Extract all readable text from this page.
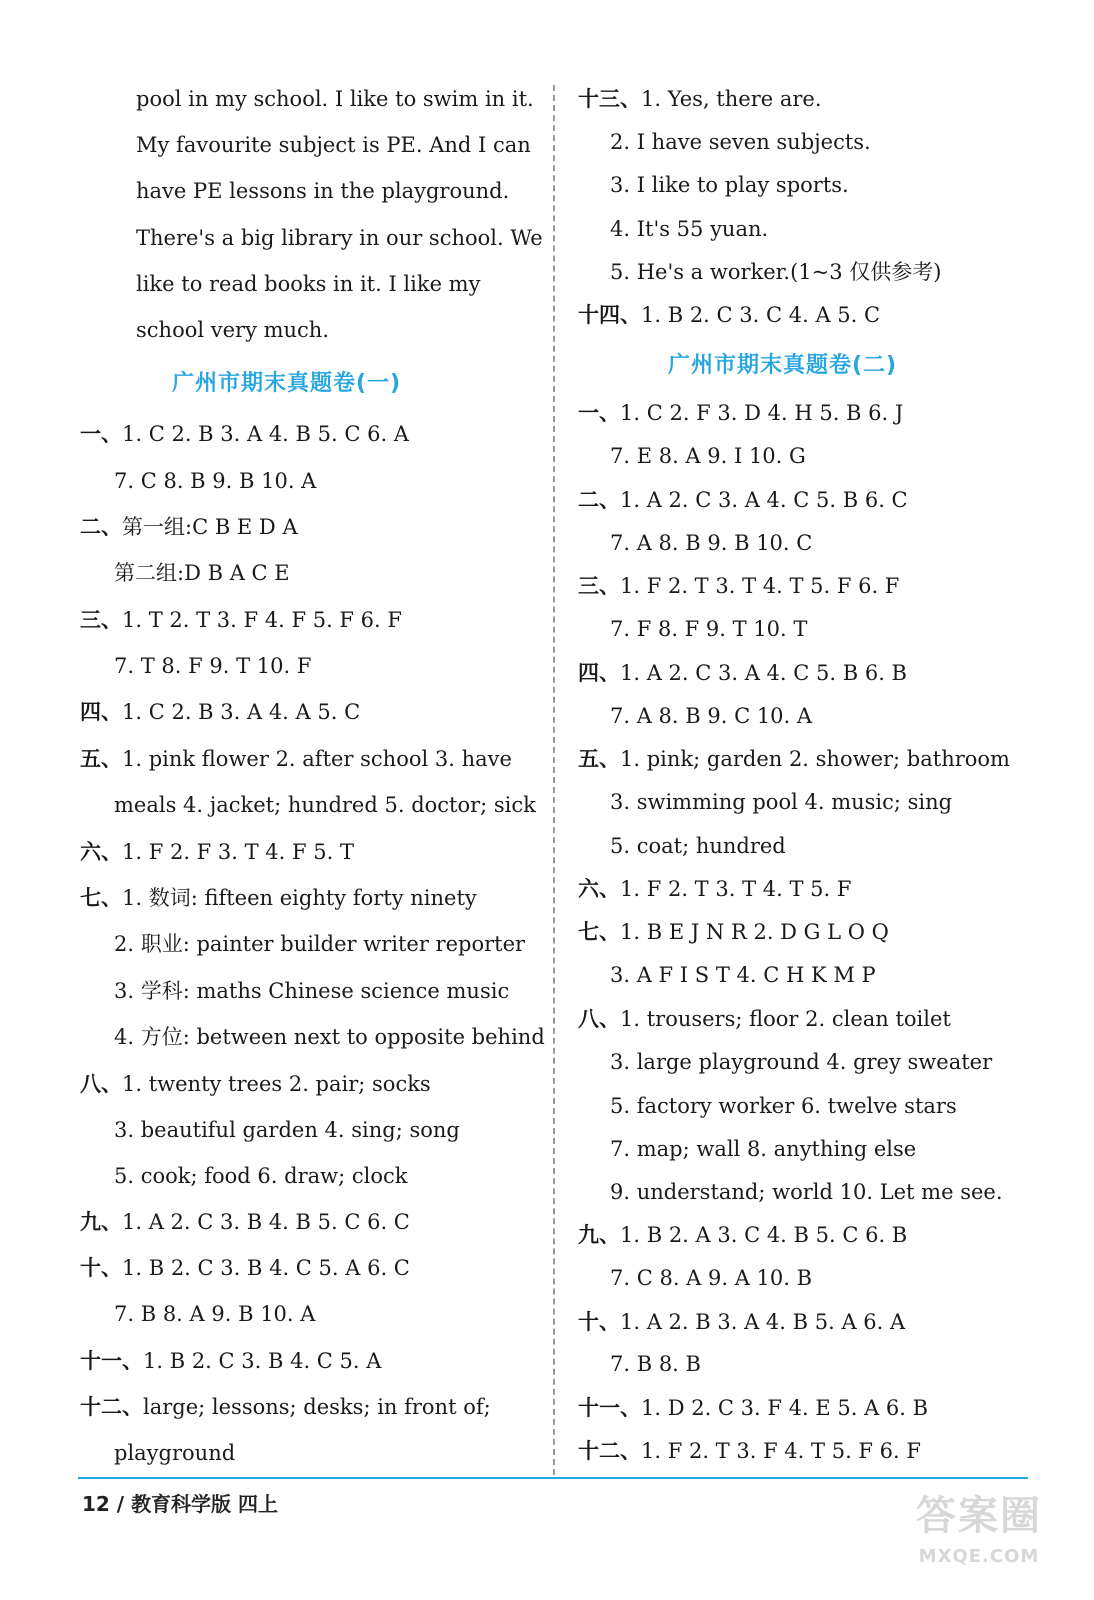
pool in my school. I like to swim in it.
My favourite subject is PE. And I can
have PE lessons in the playground.
There's a big library in our school. We
like to read books in it. I like my
school very much.
广州市期末真题卷(一)
一、1. C 2. B 3. A 4. B 5. C 6. A
7. C 8. B 9. B 10. A
二、第一组:C B E D A
第二组:D B A C E
三、1. T 2. T 3. F 4. F 5. F 6. F
7. T 8. F 9. T 10. F
四、1. C 2. B 3. A 4. A 5. C
五、1. pink flower 2. after school 3. have
meals 4. jacket; hundred 5. doctor; sick
六、1. F 2. F 3. T 4. F 5. T
七、1. 数词: fifteen eighty forty ninety
2. 职业: painter builder writer reporter
3. 学科: maths Chinese science music
4. 方位: between next to opposite behind
八、1. twenty trees 2. pair; socks
3. beautiful garden 4. sing; song
5. cook; food 6. draw; clock
九、1. A 2. C 3. B 4. B 5. C 6. C
十、1. B 2. C 3. B 4. C 5. A 6. C
7. B 8. A 9. B 10. A
十一、1. B 2. C 3. B 4. C 5. A
十二、large; lessons; desks; in front of;
playground
十三、1. Yes, there are.
2. I have seven subjects.
3. I like to play sports.
4. It's 55 yuan.
5. He's a worker.(1~3 仅供参考)
十四、1. B 2. C 3. C 4. A 5. C
广州市期末真题卷(二)
一、1. C 2. F 3. D 4. H 5. B 6. J
7. E 8. A 9. I 10. G
二、1. A 2. C 3. A 4. C 5. B 6. C
7. A 8. B 9. B 10. C
三、1. F 2. T 3. T 4. T 5. F 6. F
7. F 8. F 9. T 10. T
四、1. A 2. C 3. A 4. C 5. B 6. B
7. A 8. B 9. C 10. A
五、1. pink; garden 2. shower; bathroom
3. swimming pool 4. music; sing
5. coat; hundred
六、1. F 2. T 3. T 4. T 5. F
七、1. B E J N R 2. D G L O Q
3. A F I S T 4. C H K M P
八、1. trousers; floor 2. clean toilet
3. large playground 4. grey sweater
5. factory worker 6. twelve stars
7. map; wall 8. anything else
9. understand; world 10. Let me see.
九、1. B 2. A 3. C 4. B 5. C 6. B
7. C 8. A 9. A 10. B
十、1. A 2. B 3. A 4. B 5. A 6. A
7. B 8. B
十一、1. D 2. C 3. F 4. E 5. A 6. B
十二、1. F 2. T 3. F 4. T 5. F 6. F
12 / 教育科学版 四上	答案圈
MXQE.COM
